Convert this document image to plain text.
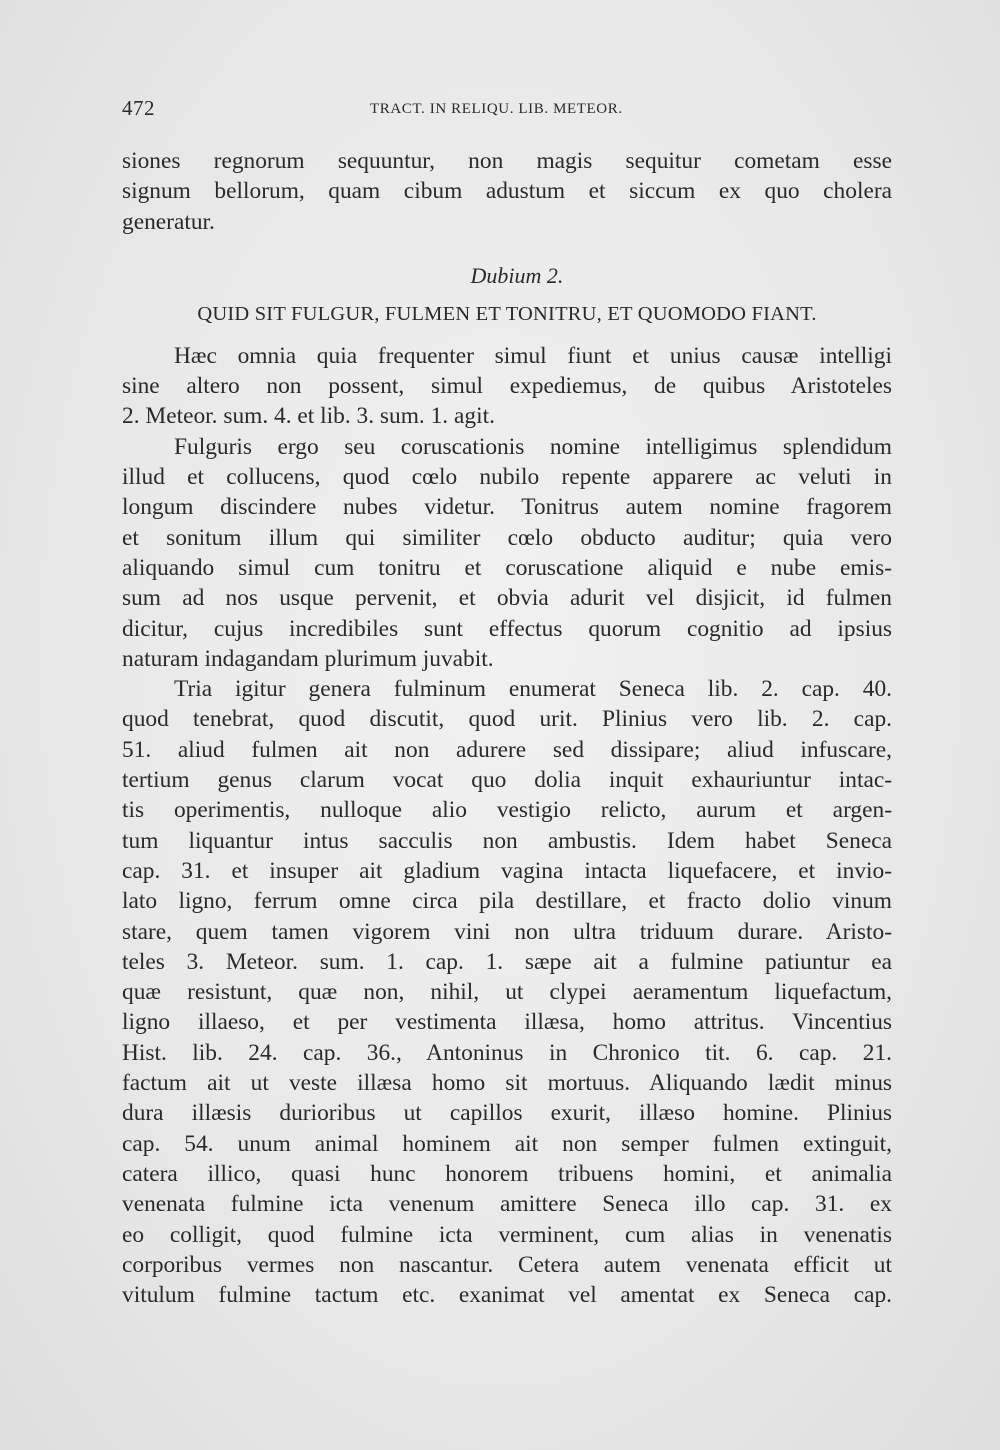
472	TRACT. IN RELIQU. LIB. METEOR.
siones regnorum sequuntur, non magis sequitur cometam esse
signum bellorum, quam cibum adustum et siccum ex quo cholera
generatur.
Dubium 2.
QUID SIT FULGUR, FULMEN ET TONITRU, ET QUOMODO FIANT.
Hæc omnia quia frequenter simul fiunt et unius causæ intelligi
sine altero non possent, simul expediemus, de quibus Aristoteles
2. Meteor. sum. 4. et lib. 3. sum. 1. agit.
Fulguris ergo seu coruscationis nomine intelligimus splendidum
illud et collucens, quod cœlo nubilo repente apparere ac veluti in
longum discindere nubes videtur. Tonitrus autem nomine fragorem
et sonitum illum qui similiter cœlo obducto auditur; quia vero
aliquando simul cum tonitru et coruscatione aliquid e nube emis-
sum ad nos usque pervenit, et obvia adurit vel disjicit, id fulmen
dicitur, cujus incredibiles sunt effectus quorum cognitio ad ipsius
naturam indagandam plurimum juvabit.
Tria igitur genera fulminum enumerat Seneca lib. 2. cap. 40.
quod tenebrat, quod discutit, quod urit. Plinius vero lib. 2. cap.
51. aliud fulmen ait non adurere sed dissipare; aliud infuscare,
tertium genus clarum vocat quo dolia inquit exhauriuntur intac-
tis operimentis, nulloque alio vestigio relicto, aurum et argen-
tum liquantur intus sacculis non ambustis. Idem habet Seneca
cap. 31. et insuper ait gladium vagina intacta liquefacere, et invio-
lato ligno, ferrum omne circa pila destillare, et fracto dolio vinum
stare, quem tamen vigorem vini non ultra triduum durare. Aristo-
teles 3. Meteor. sum. 1. cap. 1. sæpe ait a fulmine patiuntur ea
quæ resistunt, quæ non, nihil, ut clypei aeramentum liquefactum,
ligno illaeso, et per vestimenta illæsa, homo attritus. Vincentius
Hist. lib. 24. cap. 36., Antoninus in Chronico tit. 6. cap. 21.
factum ait ut veste illæsa homo sit mortuus. Aliquando lædit minus
dura illæsis durioribus ut capillos exurit, illæso homine. Plinius
cap. 54. unum animal hominem ait non semper fulmen extinguit,
catera illico, quasi hunc honorem tribuens homini, et animalia
venenata fulmine icta venenum amittere Seneca illo cap. 31. ex
eo colligit, quod fulmine icta verminent, cum alias in venenatis
corporibus vermes non nascantur. Cetera autem venenata efficit ut
vitulum fulmine tactum etc. exanimat vel amentat ex Seneca cap.
